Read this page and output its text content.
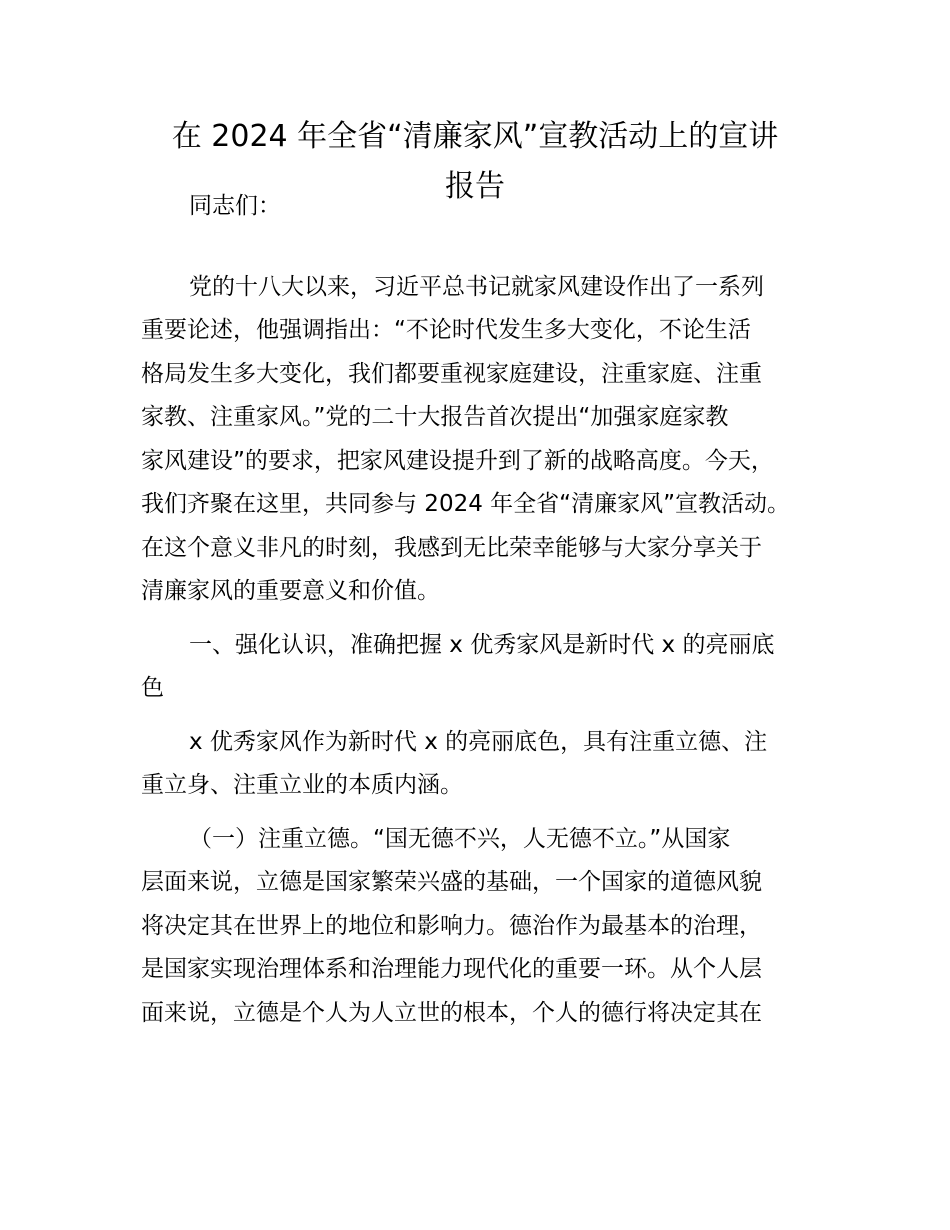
在 2024 年全省“清廉家风”宣教活动上的宣讲
报告
同志们：
党的十八大以来，习近平总书记就家风建设作出了一系列
重要论述，他强调指出：“不论时代发生多大变化，不论生活
格局发生多大变化，我们都要重视家庭建设，注重家庭、注重
家教、注重家风。”党的二十大报告首次提出“加强家庭家教
家风建设”的要求，把家风建设提升到了新的战略高度。今天，
我们齐聚在这里，共同参与 2024 年全省“清廉家风”宣教活动。
在这个意义非凡的时刻，我感到无比荣幸能够与大家分享关于
清廉家风的重要意义和价值。
一、强化认识，准确把握 x 优秀家风是新时代 x 的亮丽底
色
x 优秀家风作为新时代 x 的亮丽底色，具有注重立德、注
重立身、注重立业的本质内涵。
（一）注重立德。“国无德不兴，人无德不立。”从国家
层面来说，立德是国家繁荣兴盛的基础，一个国家的道德风貌
将决定其在世界上的地位和影响力。德治作为最基本的治理，
是国家实现治理体系和治理能力现代化的重要一环。从个人层
面来说，立德是个人为人立世的根本，个人的德行将决定其在
